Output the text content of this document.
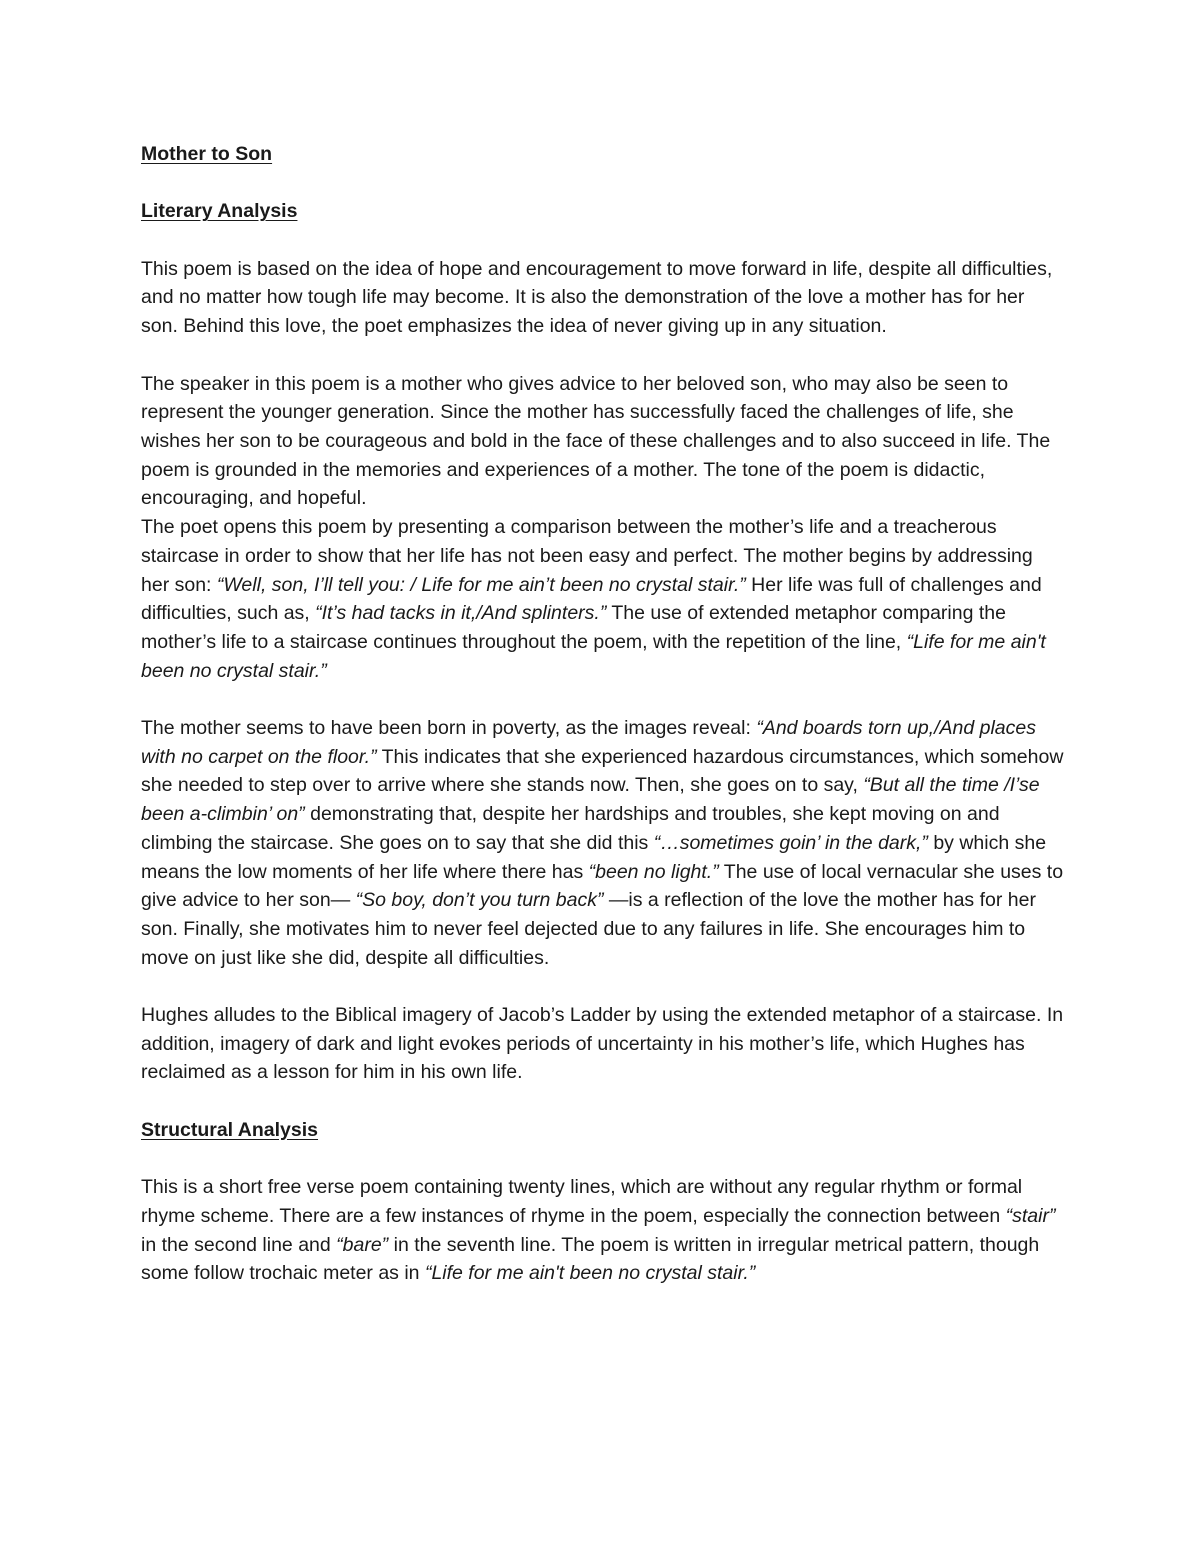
Mother to Son

Literary Analysis

This poem is based on the idea of hope and encouragement to move forward in life, despite all difficulties, and no matter how tough life may become. It is also the demonstration of the love a mother has for her son. Behind this love, the poet emphasizes the idea of never giving up in any situation.

The speaker in this poem is a mother who gives advice to her beloved son, who may also be seen to represent the younger generation. Since the mother has successfully faced the challenges of life, she wishes her son to be courageous and bold in the face of these challenges and to also succeed in life. The poem is grounded in the memories and experiences of a mother. The tone of the poem is didactic, encouraging, and hopeful.

The poet opens this poem by presenting a comparison between the mother’s life and a treacherous staircase in order to show that her life has not been easy and perfect. The mother begins by addressing her son: “Well, son, I’ll tell you: / Life for me ain’t been no crystal stair.” Her life was full of challenges and difficulties, such as, “It’s had tacks in it,/And splinters.” The use of extended metaphor comparing the mother’s life to a staircase continues throughout the poem, with the repetition of the line, “Life for me ain't been no crystal stair.”

The mother seems to have been born in poverty, as the images reveal: “And boards torn up,/And places with no carpet on the floor.” This indicates that she experienced hazardous circumstances, which somehow she needed to step over to arrive where she stands now. Then, she goes on to say, “But all the time /I’se been a-climbin’ on” demonstrating that, despite her hardships and troubles, she kept moving on and climbing the staircase. She goes on to say that she did this “…sometimes goin’ in the dark,” by which she means the low moments of her life where there has “been no light.” The use of local vernacular she uses to give advice to her son— “So boy, don’t you turn back” —is a reflection of the love the mother has for her son. Finally, she motivates him to never feel dejected due to any failures in life. She encourages him to move on just like she did, despite all difficulties.

Hughes alludes to the Biblical imagery of Jacob’s Ladder by using the extended metaphor of a staircase. In addition, imagery of dark and light evokes periods of uncertainty in his mother’s life, which Hughes has reclaimed as a lesson for him in his own life.

Structural Analysis

This is a short free verse poem containing twenty lines, which are without any regular rhythm or formal rhyme scheme. There are a few instances of rhyme in the poem, especially the connection between “stair” in the second line and “bare” in the seventh line. The poem is written in irregular metrical pattern, though some follow trochaic meter as in “Life for me ain't been no crystal stair.”
